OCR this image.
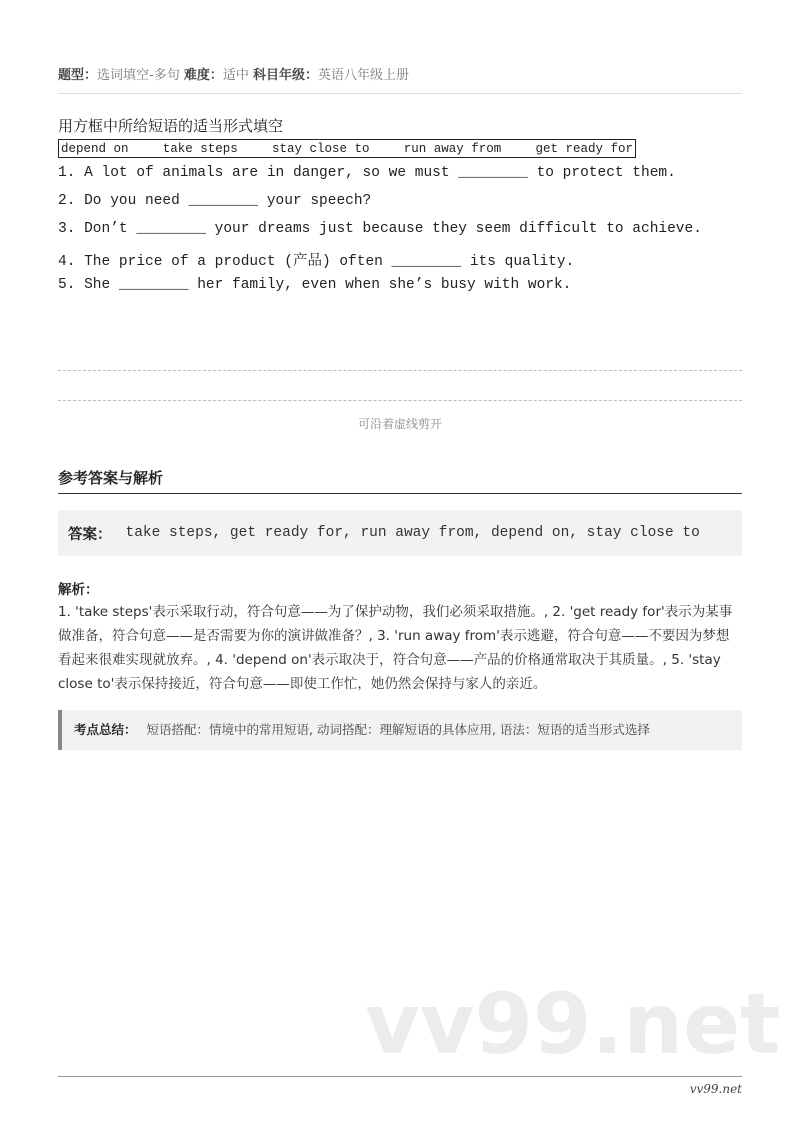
题型：选词填空-多句 难度：适中 科目年级：英语八年级上册
用方框中所给短语的适当形式填空
depend on	take steps	stay close to	run away from	get ready for
1. A lot of animals are in danger, so we must ________ to protect them.
2. Do you need ________ your speech?
3. Don’t ________ your dreams just because they seem difficult to achieve.
4. The price of a product (产品) often ________ its quality.
5. She ________ her family, even when she’s busy with work.
可沿着虚线剪开
参考答案与解析
答案： take steps, get ready for, run away from, depend on, stay close to
解析：
1. 'take steps'表示采取行动，符合句意——为了保护动物，我们必须采取措施。, 2. 'get ready for'表示为某事做准备，符合句意——是否需要为你的演讲做准备？, 3. 'run away from'表示逃避，符合句意——不要因为梦想看起来很难实现就放弃。, 4. 'depend on'表示取决于，符合句意——产品的价格通常取决于其质量。, 5. 'stay close to'表示保持接近，符合句意——即使工作忙，她仍然会保持与家人的亲近。
考点总结： 短语搭配：情境中的常用短语, 动词搭配：理解短语的具体应用, 语法：短语的适当形式选择
vv99.net
vv99.net
